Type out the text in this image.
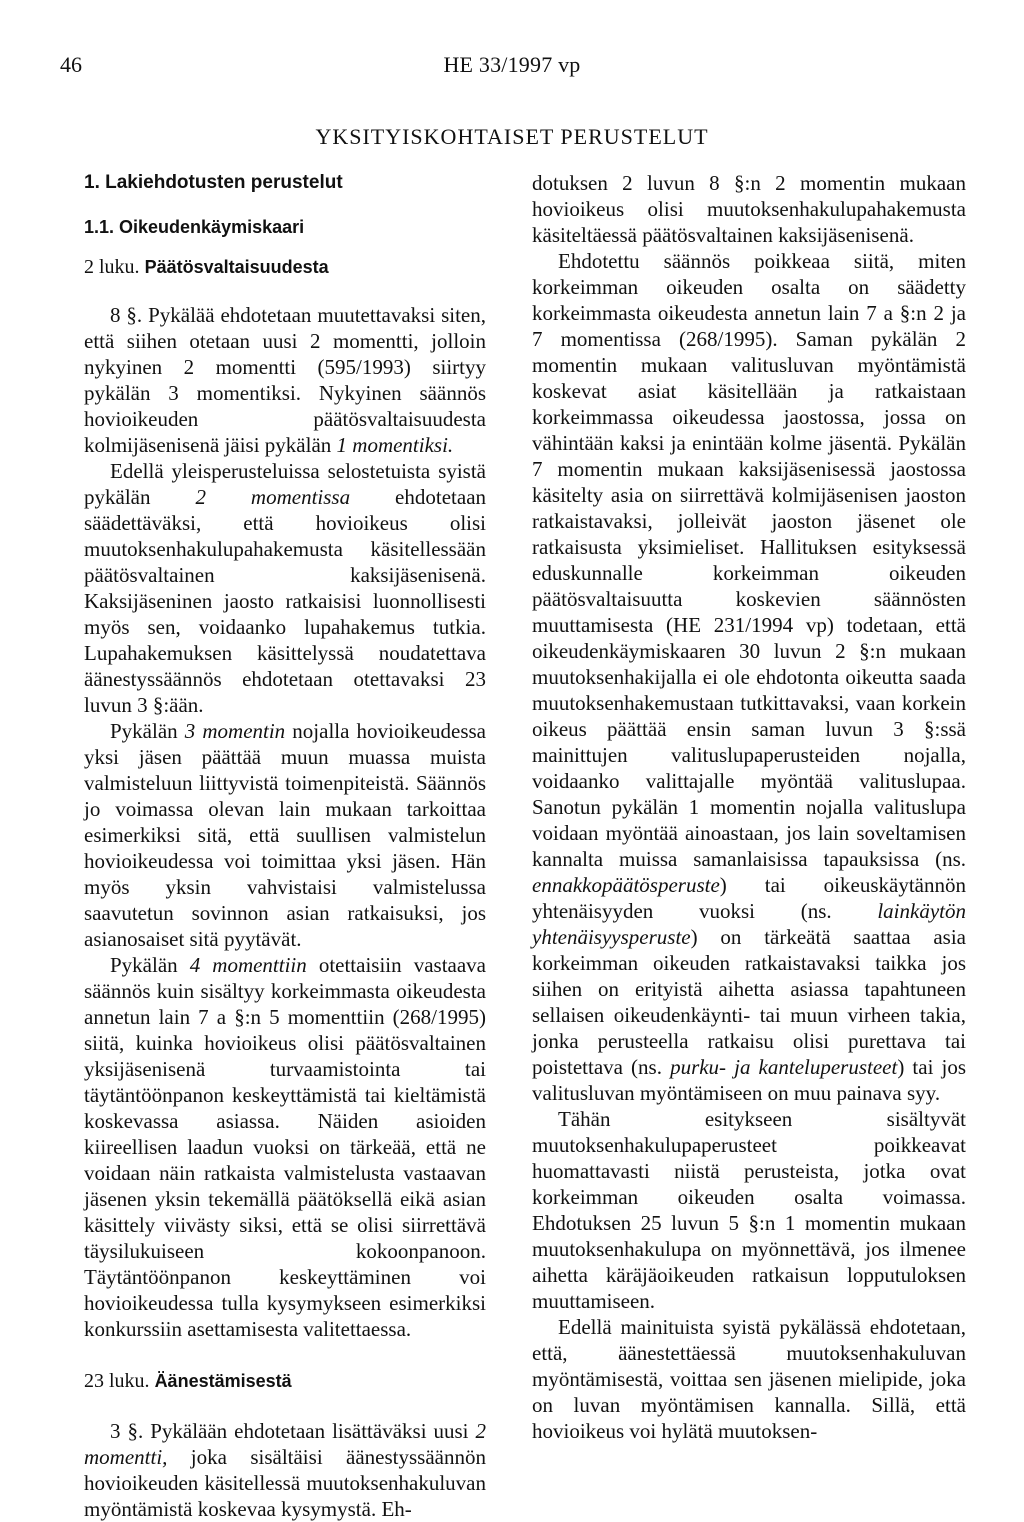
46	HE 33/1997 vp
YKSITYISKOHTAISET PERUSTELUT
1. Lakiehdotusten perustelut
1.1. Oikeudenkäymiskaari
2 luku. Päätösvaltaisuudesta

8 §. Pykälää ehdotetaan muutettavaksi siten, että siihen otetaan uusi 2 momentti, jolloin nykyinen 2 momentti (595/1993) siirtyy pykälän 3 momentiksi. Nykyinen säännös hovioikeuden päätösvaltaisuudesta kolmijäsenisenä jäisi pykälän 1 momentiksi.

Edellä yleisperusteluissa selostetuista syistä pykälän 2 momentissa ehdotetaan säädettäväksi, että hovioikeus olisi muutoksenhakulupahakemusta käsitellessään päätösvaltainen kaksijäsenisenä. Kaksijäseninen jaosto ratkaisisi luonnollisesti myös sen, voidaanko lupahakemus tutkia. Lupahakemuksen käsittelyssä noudatettava äänestyssäännös ehdotetaan otettavaksi 23 luvun 3 §:ään.

Pykälän 3 momentin nojalla hovioikeudessa yksi jäsen päättää muun muassa muista valmisteluun liittyvistä toimenpiteistä. Säännös jo voimassa olevan lain mukaan tarkoittaa esimerkiksi sitä, että suullisen valmistelun hovioikeudessa voi toimittaa yksi jäsen. Hän myös yksin vahvistaisi valmistelussa saavutetun sovinnon asian ratkaisuksi, jos asianosaiset sitä pyytävät.

Pykälän 4 momenttiin otettaisiin vastaava säännös kuin sisältyy korkeimmasta oikeudesta annetun lain 7 a §:n 5 momenttiin (268/1995) siitä, kuinka hovioikeus olisi päätösvaltainen yksijäsenisenä turvaamistointa tai täytäntöönpanon keskeyttämistä tai kieltämistä koskevassa asiassa. Näiden asioiden kiireellisen laadun vuoksi on tärkeää, että ne voidaan näin ratkaista valmistelusta vastaavan jäsenen yksin tekemällä päätöksellä eikä asian käsittely viivästy siksi, että se olisi siirrettävä täysilukuiseen kokoonpanoon. Täytäntöönpanon keskeyttäminen voi hovioikeudessa tulla kysymykseen esimerkiksi konkurssiin asettamisesta valitettaessa.

23 luku. Äänestämisestä

3 §. Pykälään ehdotetaan lisättäväksi uusi 2 momentti, joka sisältäisi äänestyssäännön hovioikeuden käsitellessä muutoksenhakuluvan myöntämistä koskevaa kysymystä. Eh-

dotuksen 2 luvun 8 §:n 2 momentin mukaan hovioikeus olisi muutoksenhakulupahakemusta käsiteltäessä päätösvaltainen kaksijäsenisenä.

Ehdotettu säännös poikkeaa siitä, miten korkeimman oikeuden osalta on säädetty korkeimmasta oikeudesta annetun lain 7 a §:n 2 ja 7 momentissa (268/1995). Saman pykälän 2 momentin mukaan valitusluvan myöntämistä koskevat asiat käsitellään ja ratkaistaan korkeimmassa oikeudessa jaostossa, jossa on vähintään kaksi ja enintään kolme jäsentä. Pykälän 7 momentin mukaan kaksijäsenisessä jaostossa käsitelty asia on siirrettävä kolmijäsenisen jaoston ratkaistavaksi, jolleivät jaoston jäsenet ole ratkaisusta yksimieliset. Hallituksen esityksessä eduskunnalle korkeimman oikeuden päätösvaltaisuutta koskevien säännösten muuttamisesta (HE 231/1994 vp) todetaan, että oikeudenkäymiskaaren 30 luvun 2 §:n mukaan muutoksenhakijalla ei ole ehdotonta oikeutta saada muutoksenhakemustaan tutkittavaksi, vaan korkein oikeus päättää ensin saman luvun 3 §:ssä mainittujen valituslupaperusteiden nojalla, voidaanko valittajalle myöntää valituslupaa. Sanotun pykälän 1 momentin nojalla valituslupa voidaan myöntää ainoastaan, jos lain soveltamisen kannalta muissa samanlaisissa tapauksissa (ns. ennakkopäätösperuste) tai oikeuskäytännön yhtenäisyyden vuoksi (ns. lainkäytön yhtenäisyysperuste) on tärkeätä saattaa asia korkeimman oikeuden ratkaistavaksi taikka jos siihen on erityistä aihetta asiassa tapahtuneen sellaisen oikeudenkäynti- tai muun virheen takia, jonka perusteella ratkaisu olisi purettava tai poistettava (ns. purku- ja kanteluperusteet) tai jos valitusluvan myöntämiseen on muu painava syy.

Tähän esitykseen sisältyvät muutoksenhakulupaperusteet poikkeavat huomattavasti niistä perusteista, jotka ovat korkeimman oikeuden osalta voimassa. Ehdotuksen 25 luvun 5 §:n 1 momentin mukaan muutoksenhakulupa on myönnettävä, jos ilmenee aihetta käräjäoikeuden ratkaisun lopputuloksen muuttamiseen.

Edellä mainituista syistä pykälässä ehdotetaan, että, äänestettäessä muutoksenhakuluvan myöntämisestä, voittaa sen jäsenen mielipide, joka on luvan myöntämisen kannalla. Sillä, että hovioikeus voi hylätä muutoksen-
